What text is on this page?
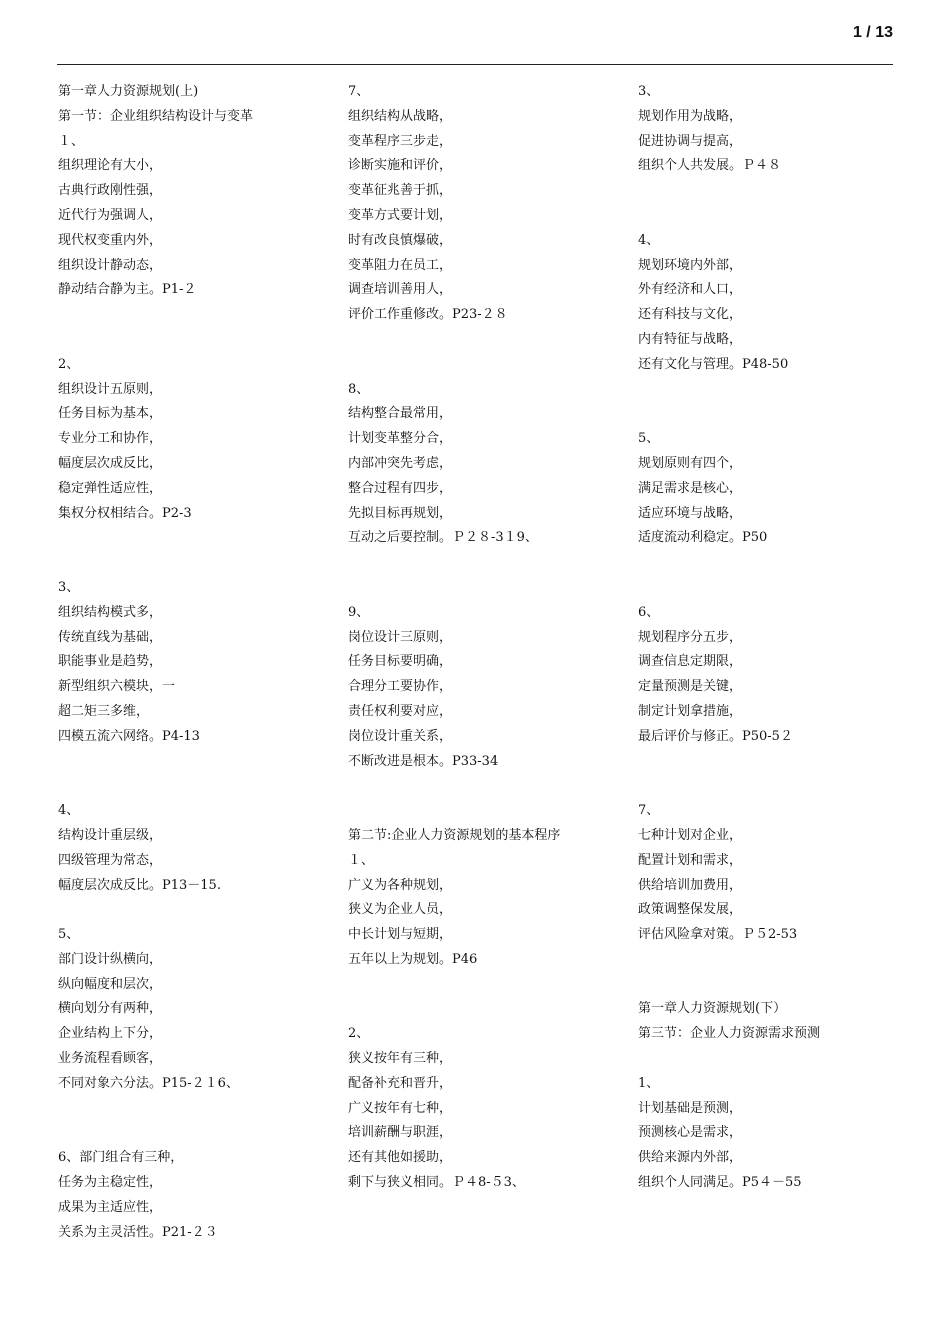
1 / 13
第一章人力资源规划(上)
第一节：企业组织结构设计与变革
１、
组织理论有大小，
古典行政刚性强，
近代行为强调人，
现代权变重内外，
组织设计静动态，
静动结合静为主。P1-２
2、
组织设计五原则，
任务目标为基本，
专业分工和协作，
幅度层次成反比，
稳定弹性适应性，
集权分权相结合。P2-3
3、
组织结构模式多，
传统直线为基础，
职能事业是趋势，
新型组织六模块，一
超二矩三多维，
四模五流六网络。P4-13
4、
结构设计重层级，
四级管理为常态，
幅度层次成反比。P13－15.
5、
部门设计纵横向，
纵向幅度和层次，
横向划分有两种，
企业结构上下分，
业务流程看顾客，
不同对象六分法。P15-２１6、
6、部门组合有三种，
任务为主稳定性，
成果为主适应性，
关系为主灵活性。P21-２３
7、
组织结构从战略，
变革程序三步走，
诊断实施和评价，
变革征兆善于抓，
变革方式要计划，
时有改良慎爆破，
变革阻力在员工，
调查培训善用人，
评价工作重修改。P23-２８
8、
结构整合最常用，
计划变革整分合，
内部冲突先考虑，
整合过程有四步，
先拟目标再规划，
互动之后要控制。Ｐ２８-3１9、
9、
岗位设计三原则，
任务目标要明确，
合理分工要协作，
责任权利要对应，
岗位设计重关系，
不断改进是根本。P33-34
第二节:企业人力资源规划的基本程序
１、
广义为各种规划，
狭义为企业人员，
中长计划与短期，
五年以上为规划。P46
2、
狭义按年有三种，
配备补充和晋升，
广义按年有七种，
培训薪酬与职涯，
还有其他如援助，
剩下与狭义相同。Ｐ４8-５3、
3、
规划作用为战略，
促进协调与提高，
组织个人共发展。Ｐ４８
4、
规划环境内外部，
外有经济和人口，
还有科技与文化，
内有特征与战略，
还有文化与管理。P48-50
5、
规划原则有四个，
满足需求是核心，
适应环境与战略，
适度流动利稳定。P50
6、
规划程序分五步，
调查信息定期限，
定量预测是关键，
制定计划拿措施，
最后评价与修正。P50-5２
7、
七种计划对企业，
配置计划和需求，
供给培训加费用，
政策调整保发展，
评估风险拿对策。Ｐ５2-53
第一章人力资源规划(下）
第三节：企业人力资源需求预测
1、
计划基础是预测，
预测核心是需求，
供给来源内外部，
组织个人同满足。P5４－55
